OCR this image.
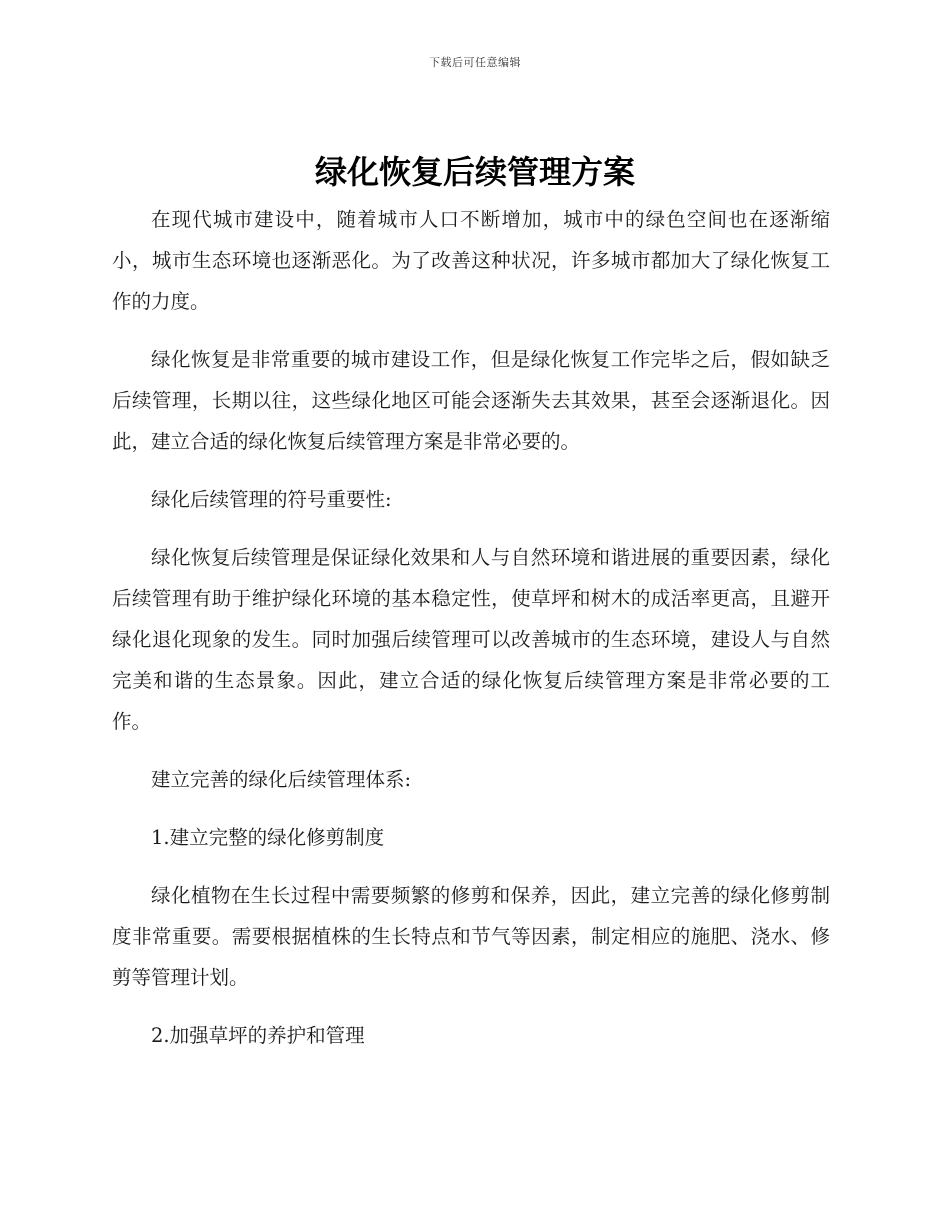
下载后可任意编辑
绿化恢复后续管理方案

在现代城市建设中，随着城市人口不断增加，城市中的绿色空间也在逐渐缩小，城市生态环境也逐渐恶化。为了改善这种状况，许多城市都加大了绿化恢复工作的力度。

绿化恢复是非常重要的城市建设工作，但是绿化恢复工作完毕之后，假如缺乏后续管理，长期以往，这些绿化地区可能会逐渐失去其效果，甚至会逐渐退化。因此，建立合适的绿化恢复后续管理方案是非常必要的。

绿化后续管理的符号重要性:

绿化恢复后续管理是保证绿化效果和人与自然环境和谐进展的重要因素，绿化后续管理有助于维护绿化环境的基本稳定性，使草坪和树木的成活率更高，且避开绿化退化现象的发生。同时加强后续管理可以改善城市的生态环境，建设人与自然完美和谐的生态景象。因此，建立合适的绿化恢复后续管理方案是非常必要的工作。

建立完善的绿化后续管理体系:

1.建立完整的绿化修剪制度

绿化植物在生长过程中需要频繁的修剪和保养，因此，建立完善的绿化修剪制度非常重要。需要根据植株的生长特点和节气等因素，制定相应的施肥、浇水、修剪等管理计划。

2.加强草坪的养护和管理
